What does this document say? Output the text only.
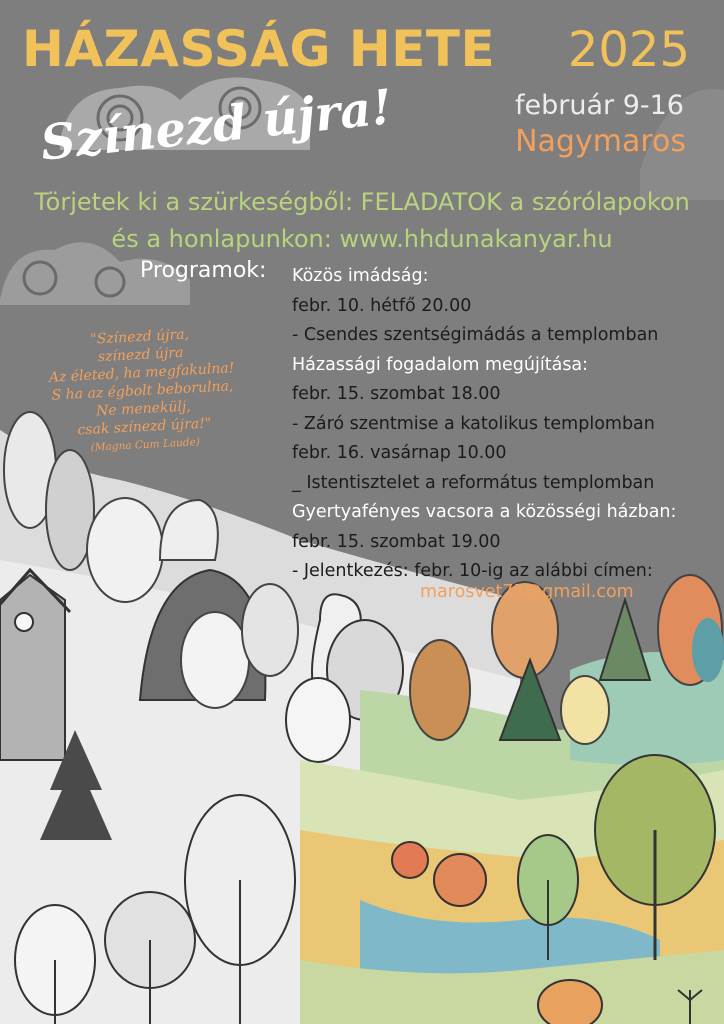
HÁZASSÁG HETE 2025
február 9-16
Nagymaros
Színezd újra!
Törjetek ki a szürkeségből: FELADATOK a szórólapokon
és a honlapunkon: www.hhdunakanyar.hu
Programok: Közös imádság:
febr. 10. hétfő 20.00
- Csendes szentségimádás a templomban
Házassági fogadalom megújítása:
febr. 15. szombat 18.00
- Záró szentmise a katolikus templomban
febr. 16. vasárnap 10.00
_ Istentisztelet a református templomban
Gyertyafényes vacsora a közösségi házban:
febr. 15. szombat 19.00
- Jelentkezés: febr. 10-ig az alábbi címen:
marosvet75@gmail.com
"Színezd újra,
színezd újra
Az életed, ha megfakulna!
S ha az égbolt beborulna,
Ne menekülj,
csak színezd újra!"
(Magna Cum Laude)
